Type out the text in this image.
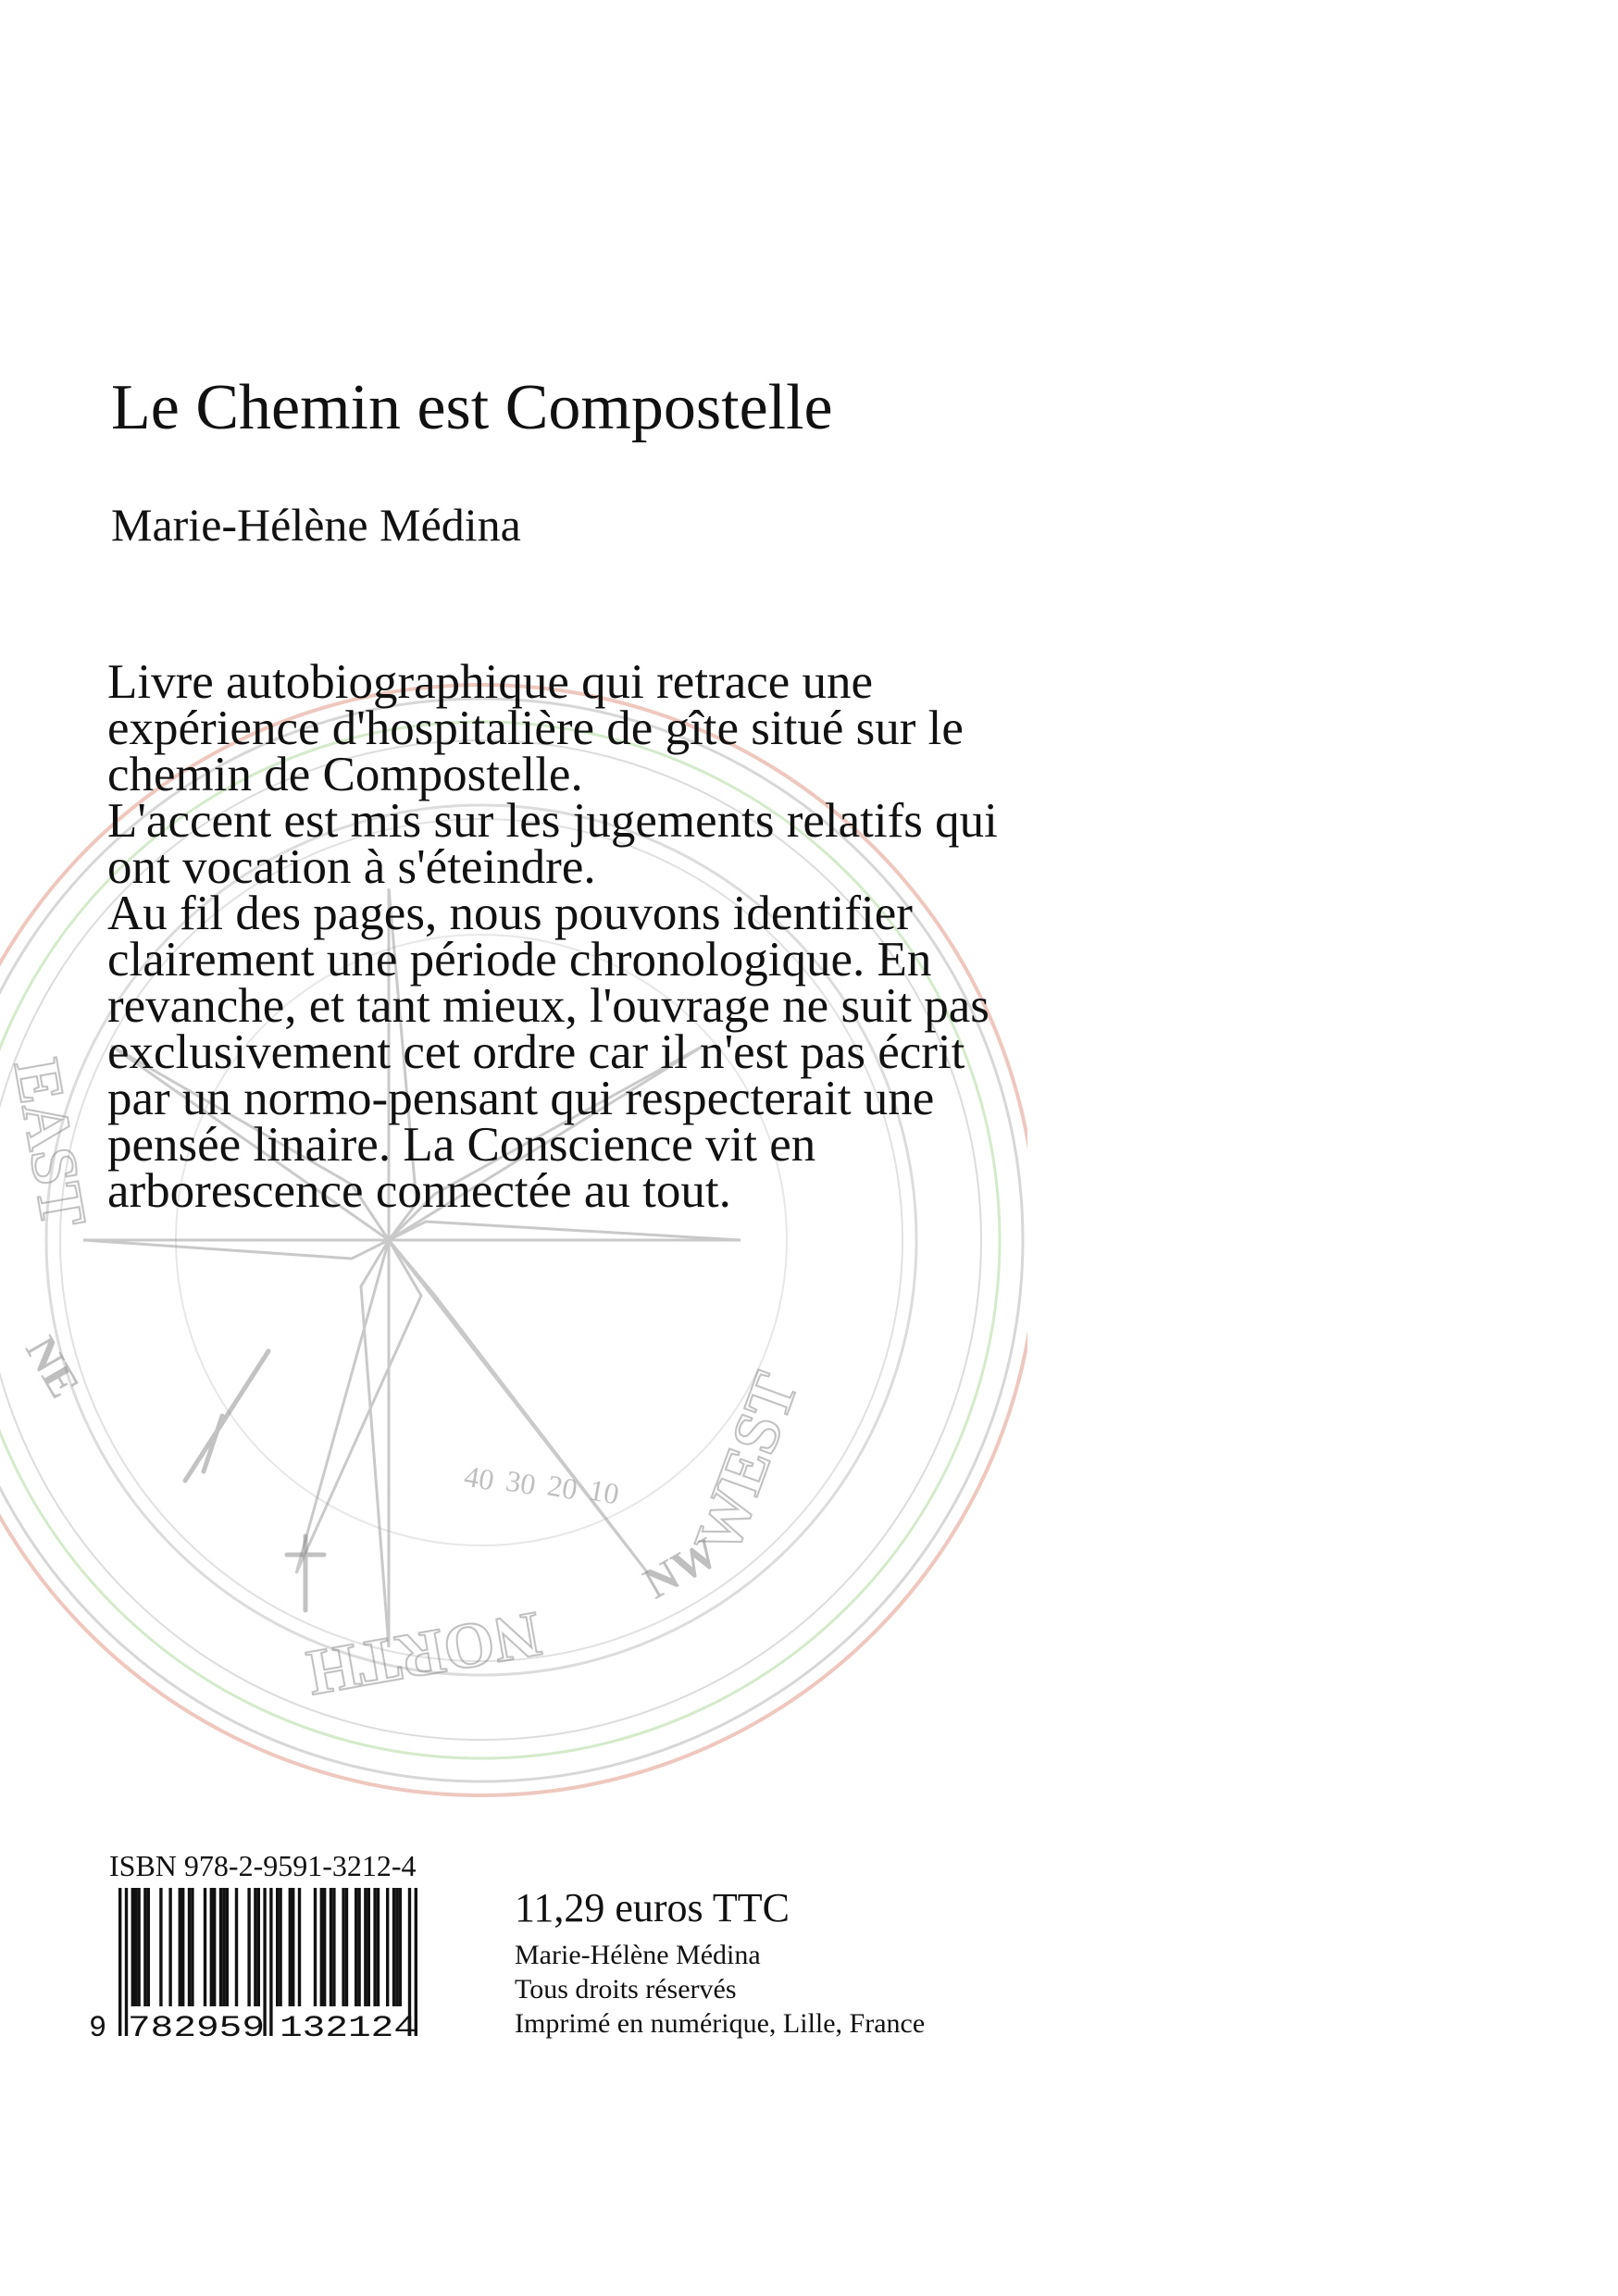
NORTH
EAST
WEST
40 30 20 10
NE
NW
Le Chemin est Compostelle
Marie-Hélène Médina
Livre autobiographique qui retrace une
expérience d'hospitalière de gîte situé sur le
chemin de Compostelle.
L'accent est mis sur les jugements relatifs qui
ont vocation à s'éteindre.
Au fil des pages, nous pouvons identifier
clairement une période chronologique. En
revanche, et tant mieux, l'ouvrage ne suit pas
exclusivement cet ordre car il n'est pas écrit
par un normo-pensant qui respecterait une
pensée linaire. La Conscience vit en
arborescence connectée au tout.
ISBN 978-2-9591-3212-4
9 782959 132124
11,29 euros TTC
Marie-Hélène Médina
Tous droits réservés
Imprimé en numérique, Lille, France
